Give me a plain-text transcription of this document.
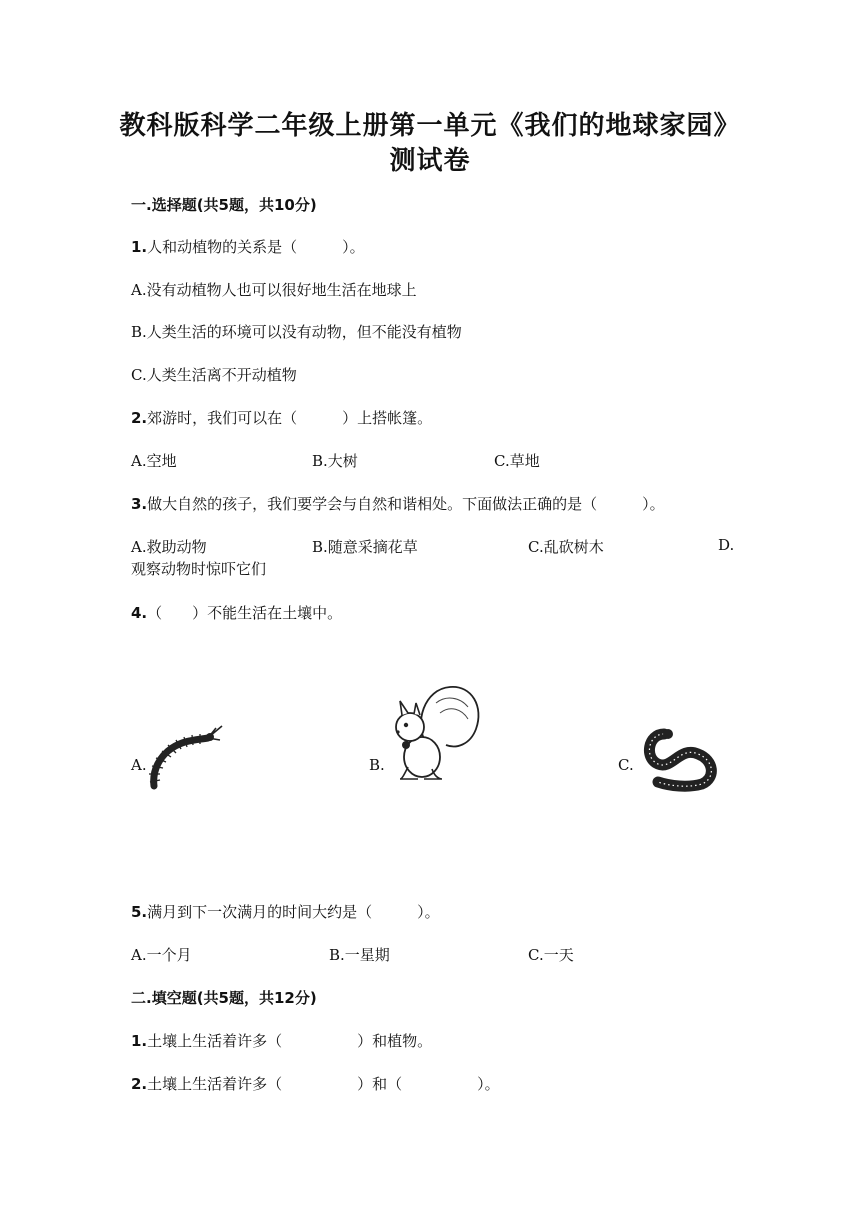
教科版科学二年级上册第一单元《我们的地球家园》
测试卷
一.选择题(共5题，共10分)
1.人和动植物的关系是（　　　）。
A.没有动植物人也可以很好地生活在地球上
B.人类生活的环境可以没有动物，但不能没有植物
C.人类生活离不开动植物
2.郊游时，我们可以在（　　　）上搭帐篷。
A.空地	B.大树	C.草地
3.做大自然的孩子，我们要学会与自然和谐相处。下面做法正确的是（　　　）。
A.救助动物	B.随意采摘花草	C.乱砍树木	D.
观察动物时惊吓它们
4.（　　）不能生活在土壤中。
A.	B.	C.
5.满月到下一次满月的时间大约是（　　　）。
A.一个月	B.一星期	C.一天
二.填空题(共5题，共12分)
1.土壤上生活着许多（　　　　　）和植物。
2.土壤上生活着许多（　　　　　）和（　　　　　）。
